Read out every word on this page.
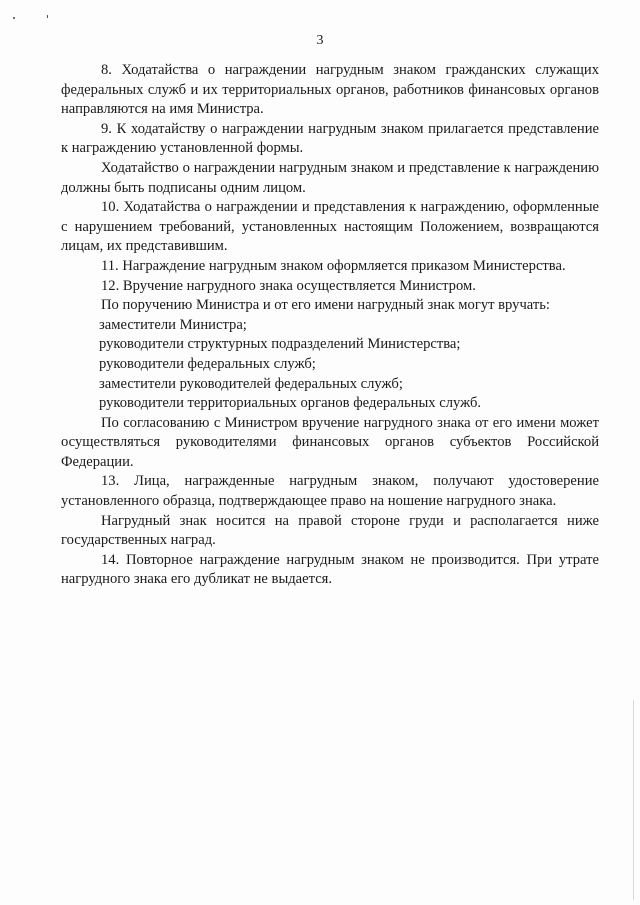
3

8. Ходатайства о награждении нагрудным знаком гражданских служащих федеральных служб и их территориальных органов, работников финансовых органов направляются на имя Министра.

9. К ходатайству о награждении нагрудным знаком прилагается представление к награждению установленной формы.

Ходатайство о награждении нагрудным знаком и представление к награждению должны быть подписаны одним лицом.

10. Ходатайства о награждении и представления к награждению, оформленные с нарушением требований, установленных настоящим Положением, возвращаются лицам, их представившим.

11. Награждение нагрудным знаком оформляется приказом Министерства.

12. Вручение нагрудного знака осуществляется Министром.

По поручению Министра и от его имени нагрудный знак могут вручать:

заместители Министра;

руководители структурных подразделений Министерства;

руководители федеральных служб;

заместители руководителей федеральных служб;

руководители территориальных органов федеральных служб.

По согласованию с Министром вручение нагрудного знака от его имени может осуществляться руководителями финансовых органов субъектов Российской Федерации.

13. Лица, награжденные нагрудным знаком, получают удостоверение установленного образца, подтверждающее право на ношение нагрудного знака.

Нагрудный знак носится на правой стороне груди и располагается ниже государственных наград.

14. Повторное награждение нагрудным знаком не производится. При утрате нагрудного знака его дубликат не выдается.
